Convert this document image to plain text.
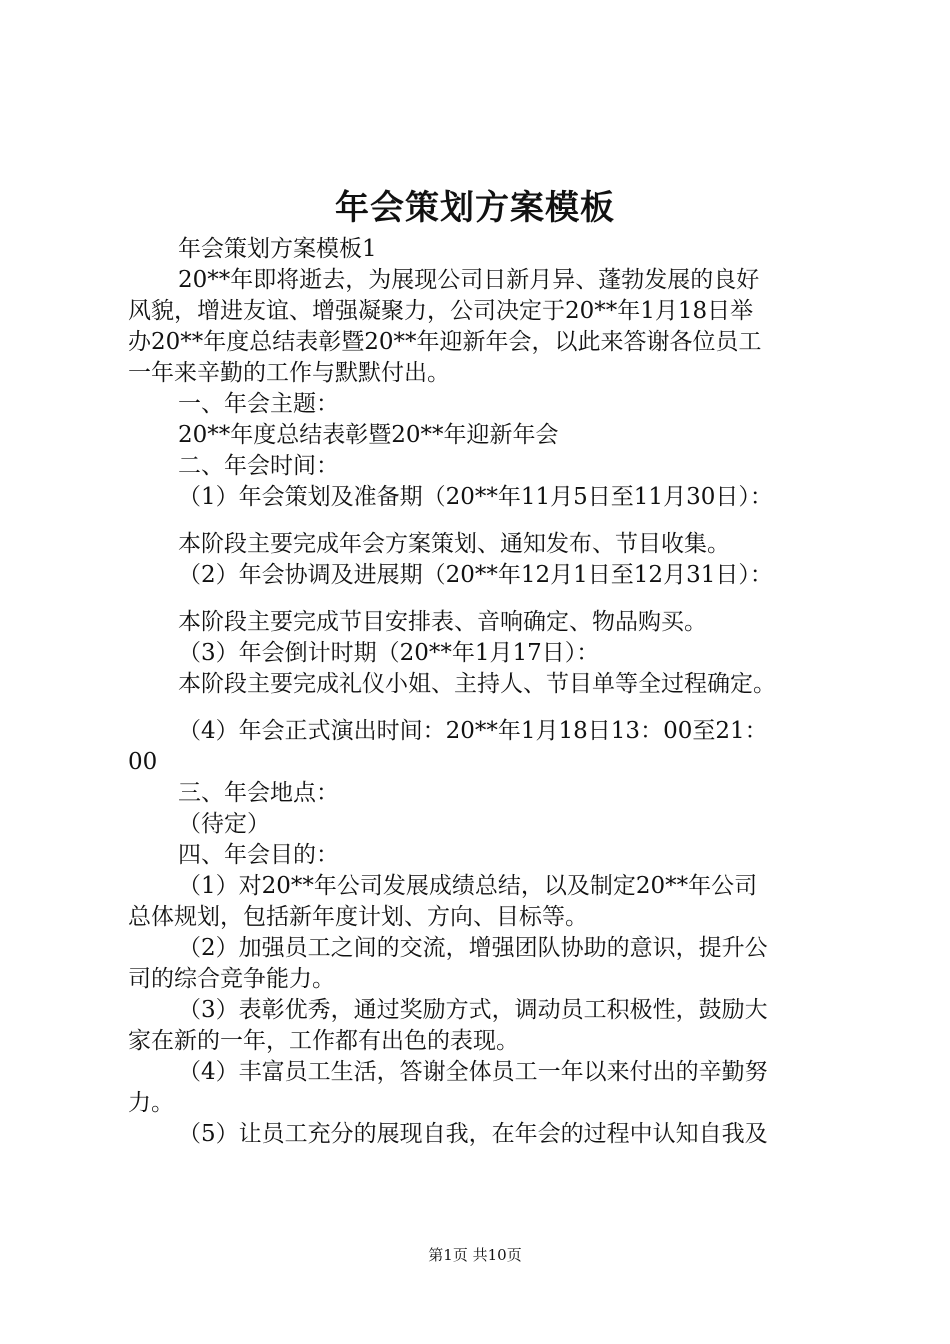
年会策划方案模板
年会策划方案模板1
20**年即将逝去，为展现公司日新月异、蓬勃发展的良好
风貌，增进友谊、增强凝聚力，公司决定于20**年1月18日举
办20**年度总结表彰暨20**年迎新年会，以此来答谢各位员工
一年来辛勤的工作与默默付出。
一、年会主题：
20**年度总结表彰暨20**年迎新年会
二、年会时间：
（1）年会策划及准备期（20**年11月5日至11月30日）：
本阶段主要完成年会方案策划、通知发布、节目收集。
（2）年会协调及进展期（20**年12月1日至12月31日）：
本阶段主要完成节目安排表、音响确定、物品购买。
（3）年会倒计时期（20**年1月17日）：
本阶段主要完成礼仪小姐、主持人、节目单等全过程确定。
（4）年会正式演出时间：20**年1月18日13：00至21：
00
三、年会地点：
（待定）
四、年会目的：
（1）对20**年公司发展成绩总结，以及制定20**年公司
总体规划，包括新年度计划、方向、目标等。
（2）加强员工之间的交流，增强团队协助的意识，提升公
司的综合竞争能力。
（3）表彰优秀，通过奖励方式，调动员工积极性，鼓励大
家在新的一年，工作都有出色的表现。
（4）丰富员工生活，答谢全体员工一年以来付出的辛勤努
力。
（5）让员工充分的展现自我，在年会的过程中认知自我及
第1页 共10页
